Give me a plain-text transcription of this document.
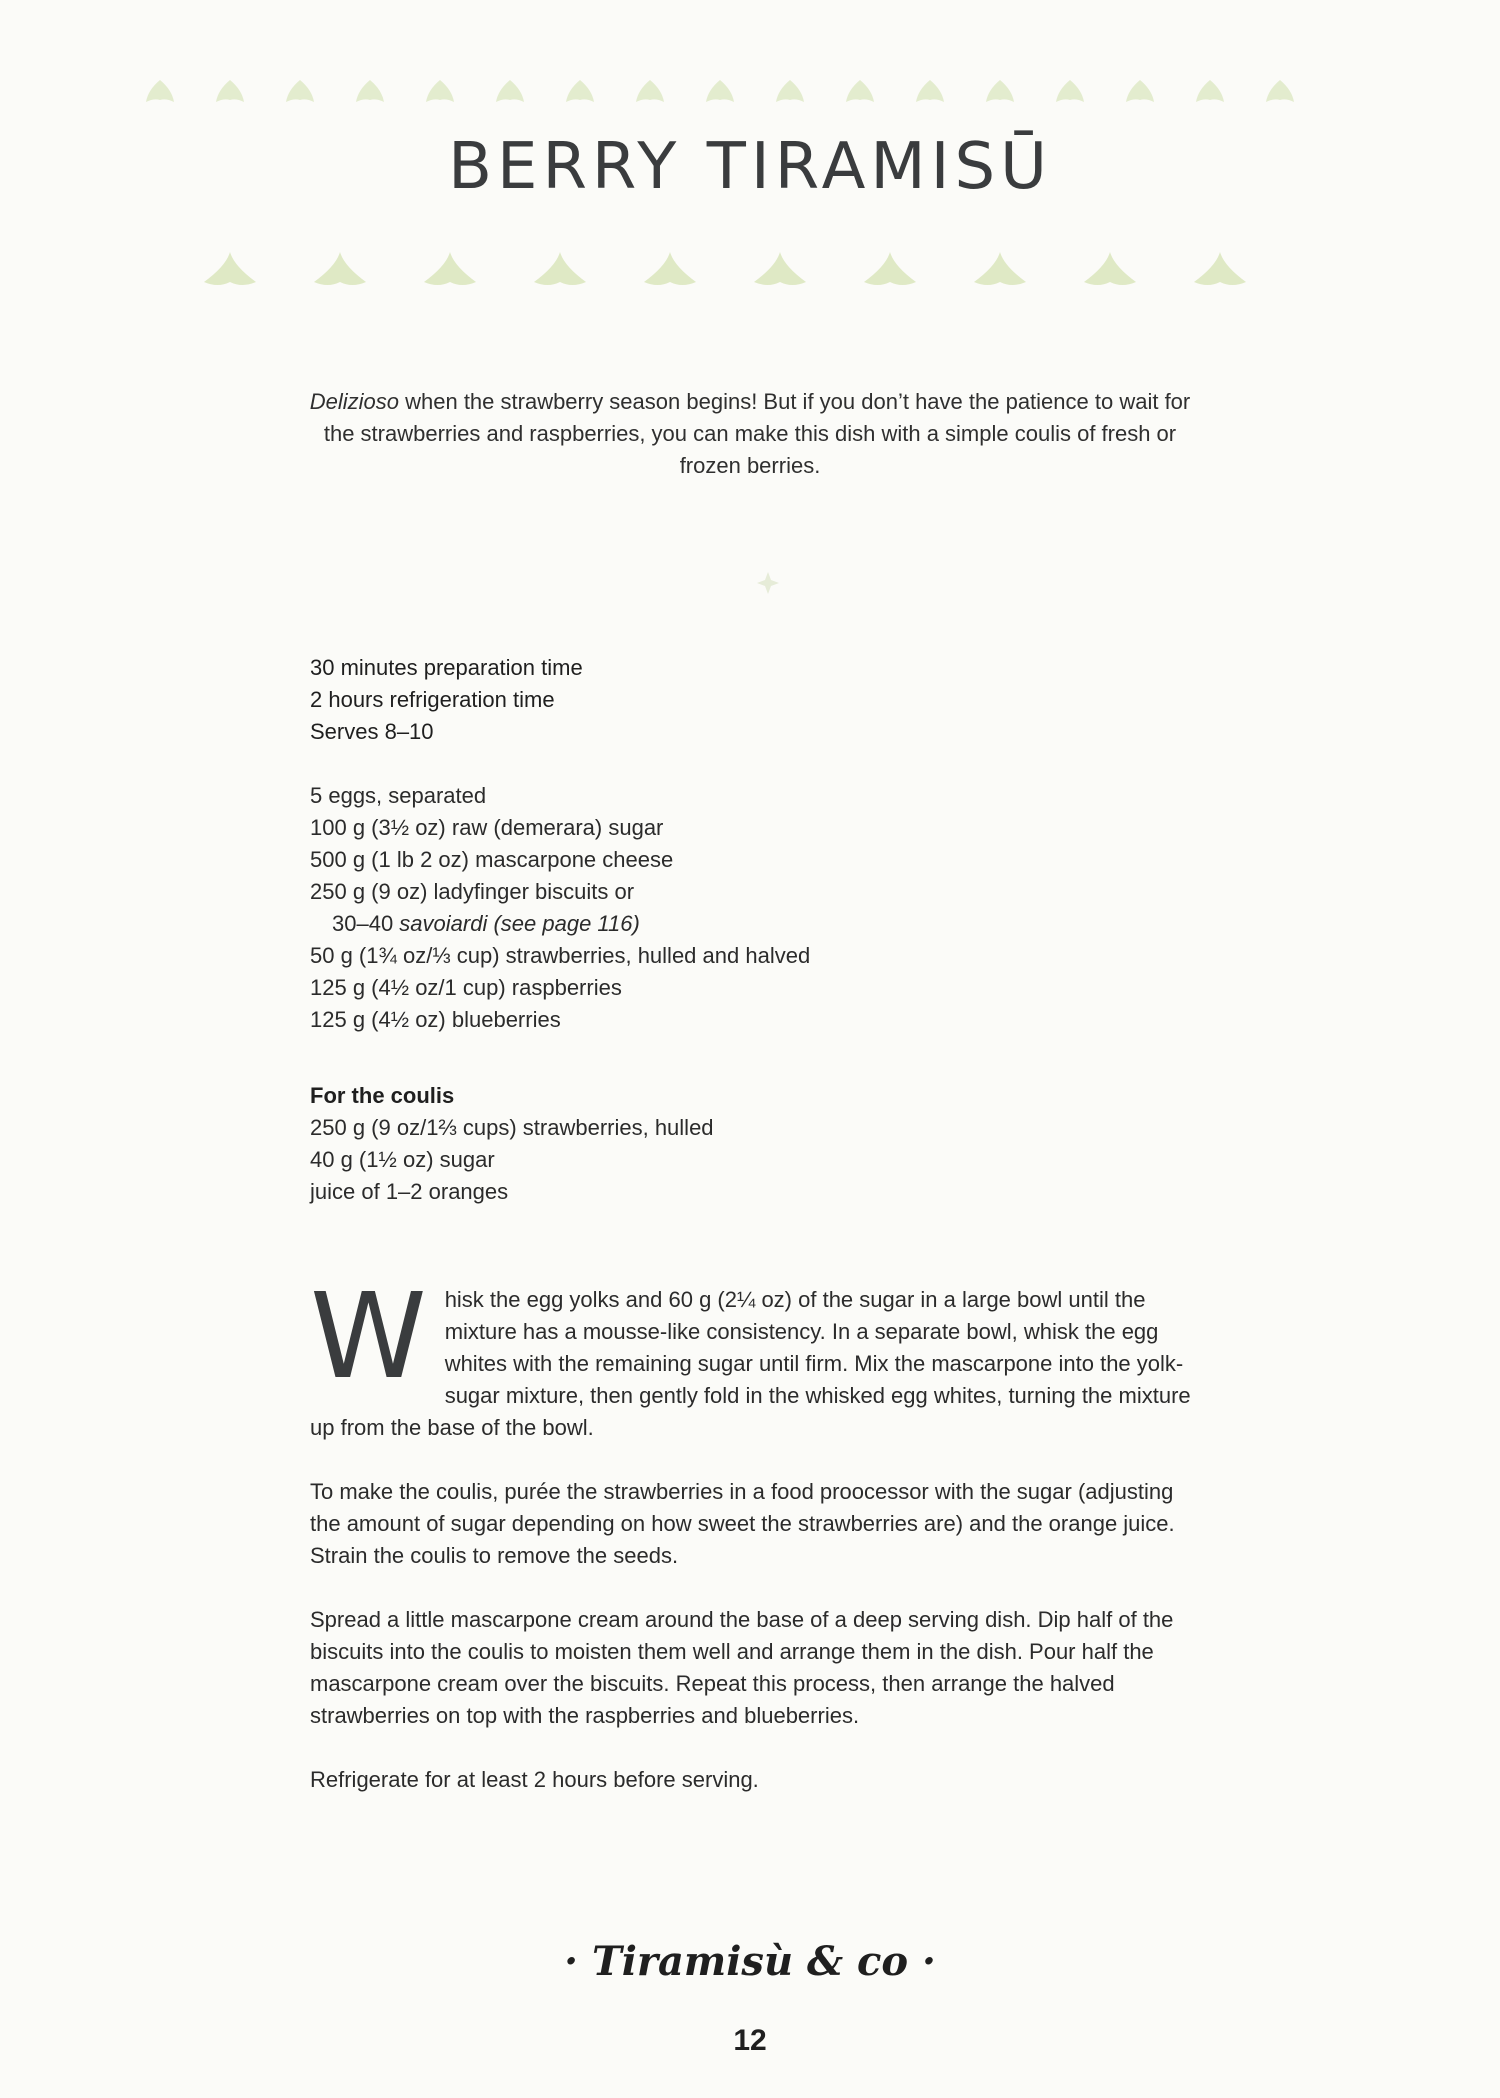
BERRY TIRAMISŪ

Delizioso when the strawberry season begins! But if you don’t have the patience to wait for the strawberries and raspberries, you can make this dish with a simple coulis of fresh or frozen berries.

30 minutes preparation time
2 hours refrigeration time
Serves 8–10
5 eggs, separated
100 g (3½ oz) raw (demerara) sugar
500 g (1 lb 2 oz) mascarpone cheese
250 g (9 oz) ladyfinger biscuits or
30–40 savoiardi (see page 116)
50 g (1¾ oz/⅓ cup) strawberries, hulled and halved
125 g (4½ oz/1 cup) raspberries
125 g (4½ oz) blueberries
For the coulis
250 g (9 oz/1⅔ cups) strawberries, hulled
40 g (1½ oz) sugar
juice of 1–2 oranges

Whisk the egg yolks and 60 g (2¼ oz) of the sugar in a large bowl until the mixture has a mousse-like consistency. In a separate bowl, whisk the egg whites with the remaining sugar until firm. Mix the mascarpone into the yolk-sugar mixture, then gently fold in the whisked egg whites, turning the mixture up from the base of the bowl.

To make the coulis, purée the strawberries in a food proocessor with the sugar (adjusting the amount of sugar depending on how sweet the strawberries are) and the orange juice. Strain the coulis to remove the seeds.

Spread a little mascarpone cream around the base of a deep serving dish. Dip half of the biscuits into the coulis to moisten them well and arrange them in the dish. Pour half the mascarpone cream over the biscuits. Repeat this process, then arrange the halved strawberries on top with the raspberries and blueberries.

Refrigerate for at least 2 hours before serving.

· Tiramisù & co ·
12
